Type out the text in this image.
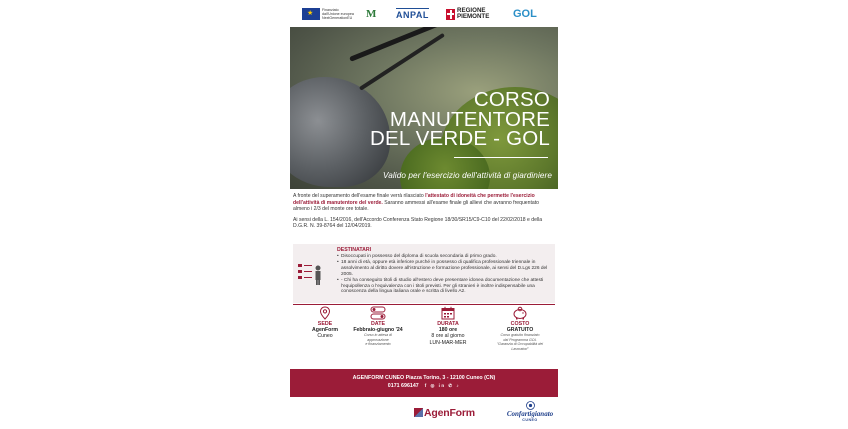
★
Finanziato dall'Unione europea NextGenerationEU	M ANPAL	REGIONE
PIEMONTE	GOL
CORSO
MANUTENTORE
DEL VERDE - GOL
Valido per l'esercizio dell'attività di giardiniere

A fronte del superamento dell'esame finale verrà rilasciato l'attestato di idoneità che permette l'esercizio dell'attività di manutentore del verde. Saranno ammessi all'esame finale gli allievi che avranno frequentato almeno i 2/3 del monte ore totale.

Ai sensi della L. 154/2016, dell'Accordo Conferenza Stato Regione 18/30/SR15/C9-C10 del 22/02/2018 e della D.G.R. N. 39-8764 del 12/04/2019.

DESTINATARI
• Disoccupati in possesso del diploma di scuola secondaria di primo grado.
• 18 anni di età, oppure età inferiore purché in possesso di qualifica professionale triennale in assolvimento al diritto dovere all'istruzione e formazione professionale, ai sensi del D.Lgs 226 del 2005.
• - Chi ha conseguito titoli di studio all'estero deve presentare idonea documentazione che attesti l'equipollenza o l'equivalenza con i titoli previsti. Per gli stranieri è inoltre indispensabile una conoscenza della lingua italiana orale e scritta di livello A2.
SEDE
AgenForm
Cuneo
DATE
Febbraio-giugno '24
Corso in attesa di
approvazione
e finanziamento
DURATA
180 ore
8 ore al giorno
LUN-MAR-MER
COSTO
GRATUITO
Corso gratuito finanziato
dal Programma GOL
"Garanzia di Occupabilità dei Lavoratori"
AGENFORM CUNEO Piazza Torino, 3 - 12100 Cuneo (CN)
0171 696147 f ◎ in ✆ ♪
AgenForm	Confartigianato
CUNEO
